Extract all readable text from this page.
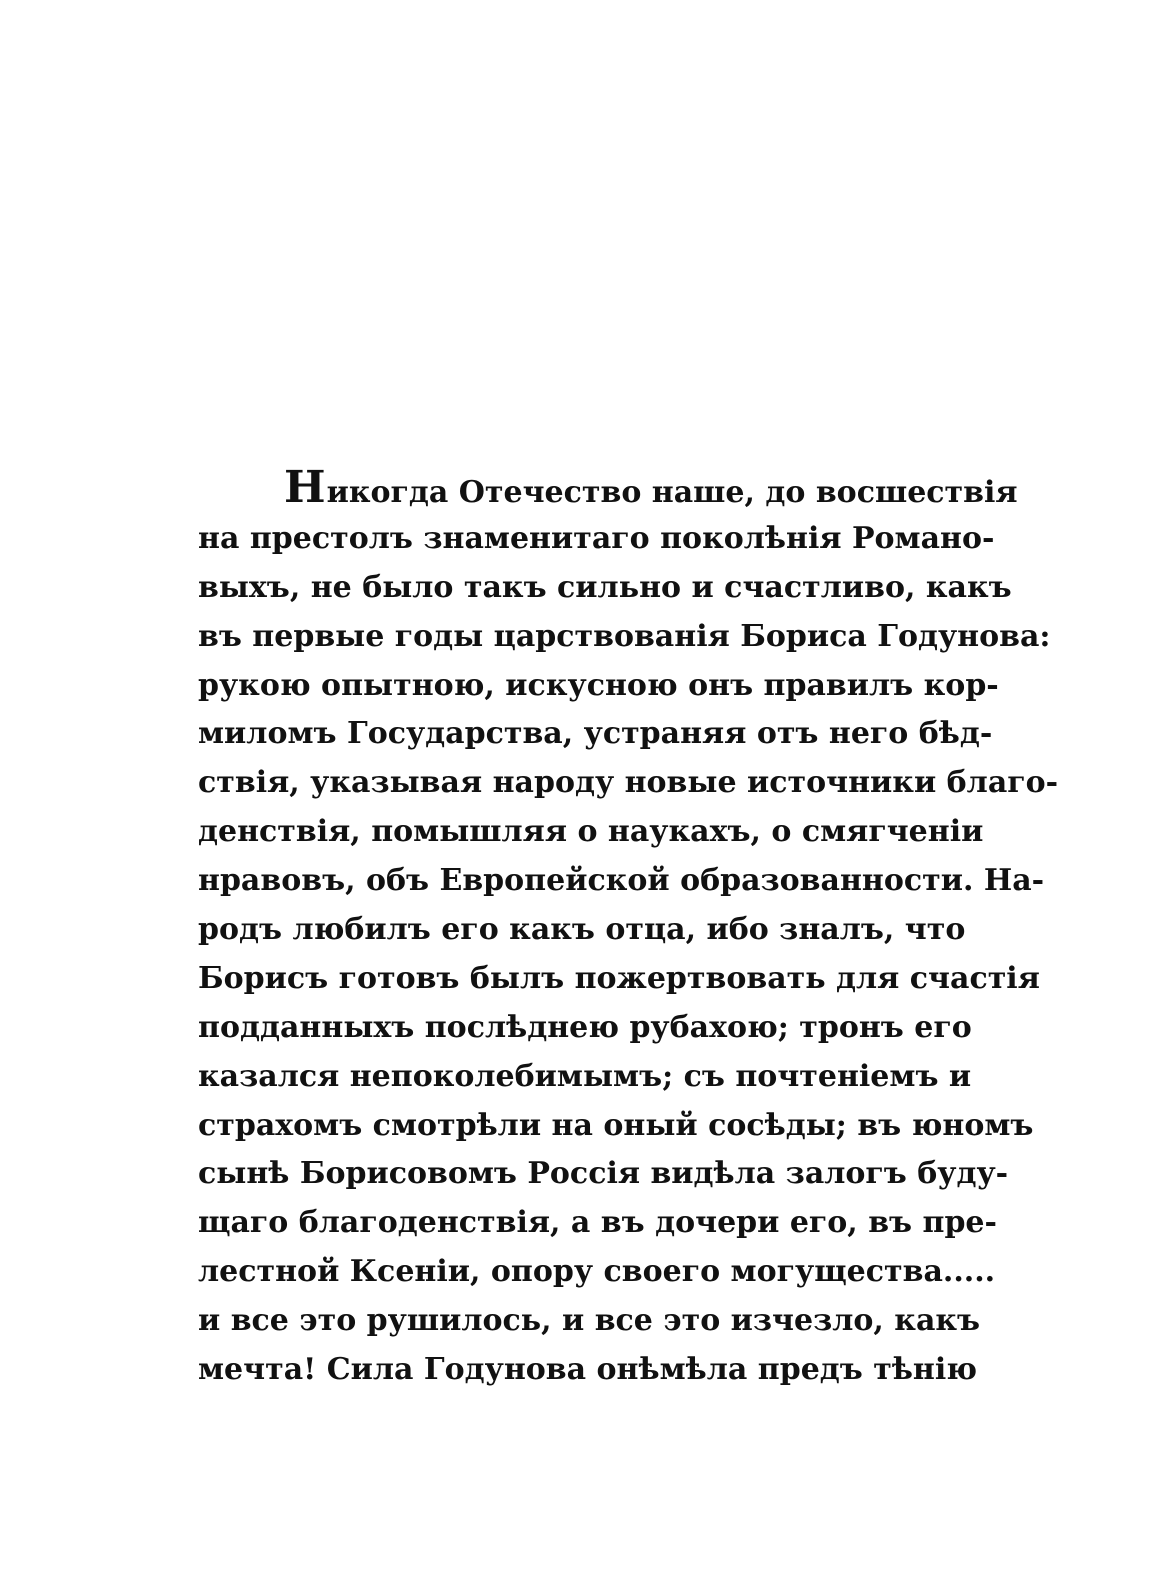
Никогда Отечество наше, до восшествія
на престолъ знаменитаго поколѣнія Романо-
выхъ, не было такъ сильно и счастливо, какъ
въ первые годы царствованія Бориса Годунова:
рукою опытною, искусною онъ правилъ кор-
миломъ Государства, устраняя отъ него бѣд-
ствія, указывая народу новые источники благо-
денствія, помышляя о наукахъ, о смягченіи
нравовъ, объ Европейской образованности. На-
родъ любилъ его какъ отца, ибо зналъ, что
Борисъ готовъ былъ пожертвовать для счастія
подданныхъ послѣднею рубахою; тронъ его
казался непоколебимымъ; съ почтеніемъ и
страхомъ смотрѣли на оный сосѣды; въ юномъ
сынѣ Борисовомъ Россія видѣла залогъ буду-
щаго благоденствія, а въ дочери его, въ пре-
лестной Ксеніи, опору своего могущества.....
и все это рушилось, и все это изчезло, какъ
мечта! Сила Годунова онѣмѣла предъ тѣнію
